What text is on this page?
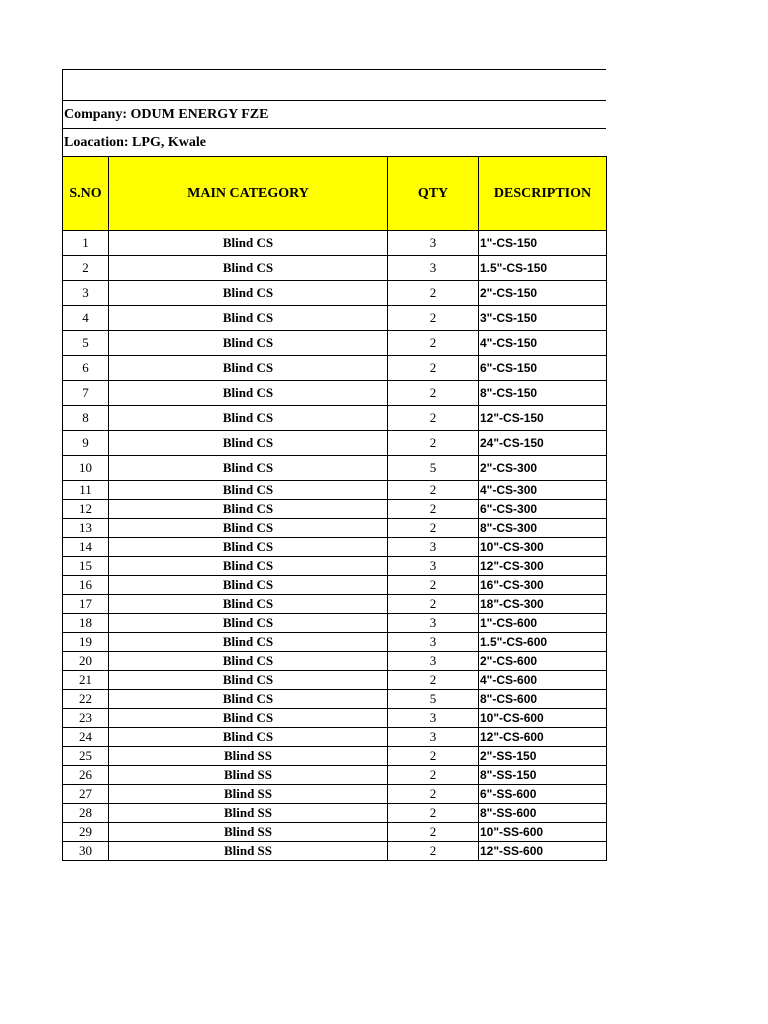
Company: ODUM ENERGY FZE
Loacation: LPG, Kwale
S.NO	MAIN CATEGORY	QTY	DESCRIPTION
1	Blind CS	3	1"-CS-150
2	Blind CS	3	1.5"-CS-150
3	Blind CS	2	2"-CS-150
4	Blind CS	2	3"-CS-150
5	Blind CS	2	4"-CS-150
6	Blind CS	2	6"-CS-150
7	Blind CS	2	8"-CS-150
8	Blind CS	2	12"-CS-150
9	Blind CS	2	24"-CS-150
10	Blind CS	5	2"-CS-300
11	Blind CS	2	4"-CS-300
12	Blind CS	2	6"-CS-300
13	Blind CS	2	8"-CS-300
14	Blind CS	3	10"-CS-300
15	Blind CS	3	12"-CS-300
16	Blind CS	2	16"-CS-300
17	Blind CS	2	18"-CS-300
18	Blind CS	3	1"-CS-600
19	Blind CS	3	1.5"-CS-600
20	Blind CS	3	2"-CS-600
21	Blind CS	2	4"-CS-600
22	Blind CS	5	8"-CS-600
23	Blind CS	3	10"-CS-600
24	Blind CS	3	12"-CS-600
25	Blind SS	2	2"-SS-150
26	Blind SS	2	8"-SS-150
27	Blind SS	2	6"-SS-600
28	Blind SS	2	8"-SS-600
29	Blind SS	2	10"-SS-600
30	Blind SS	2	12"-SS-600
